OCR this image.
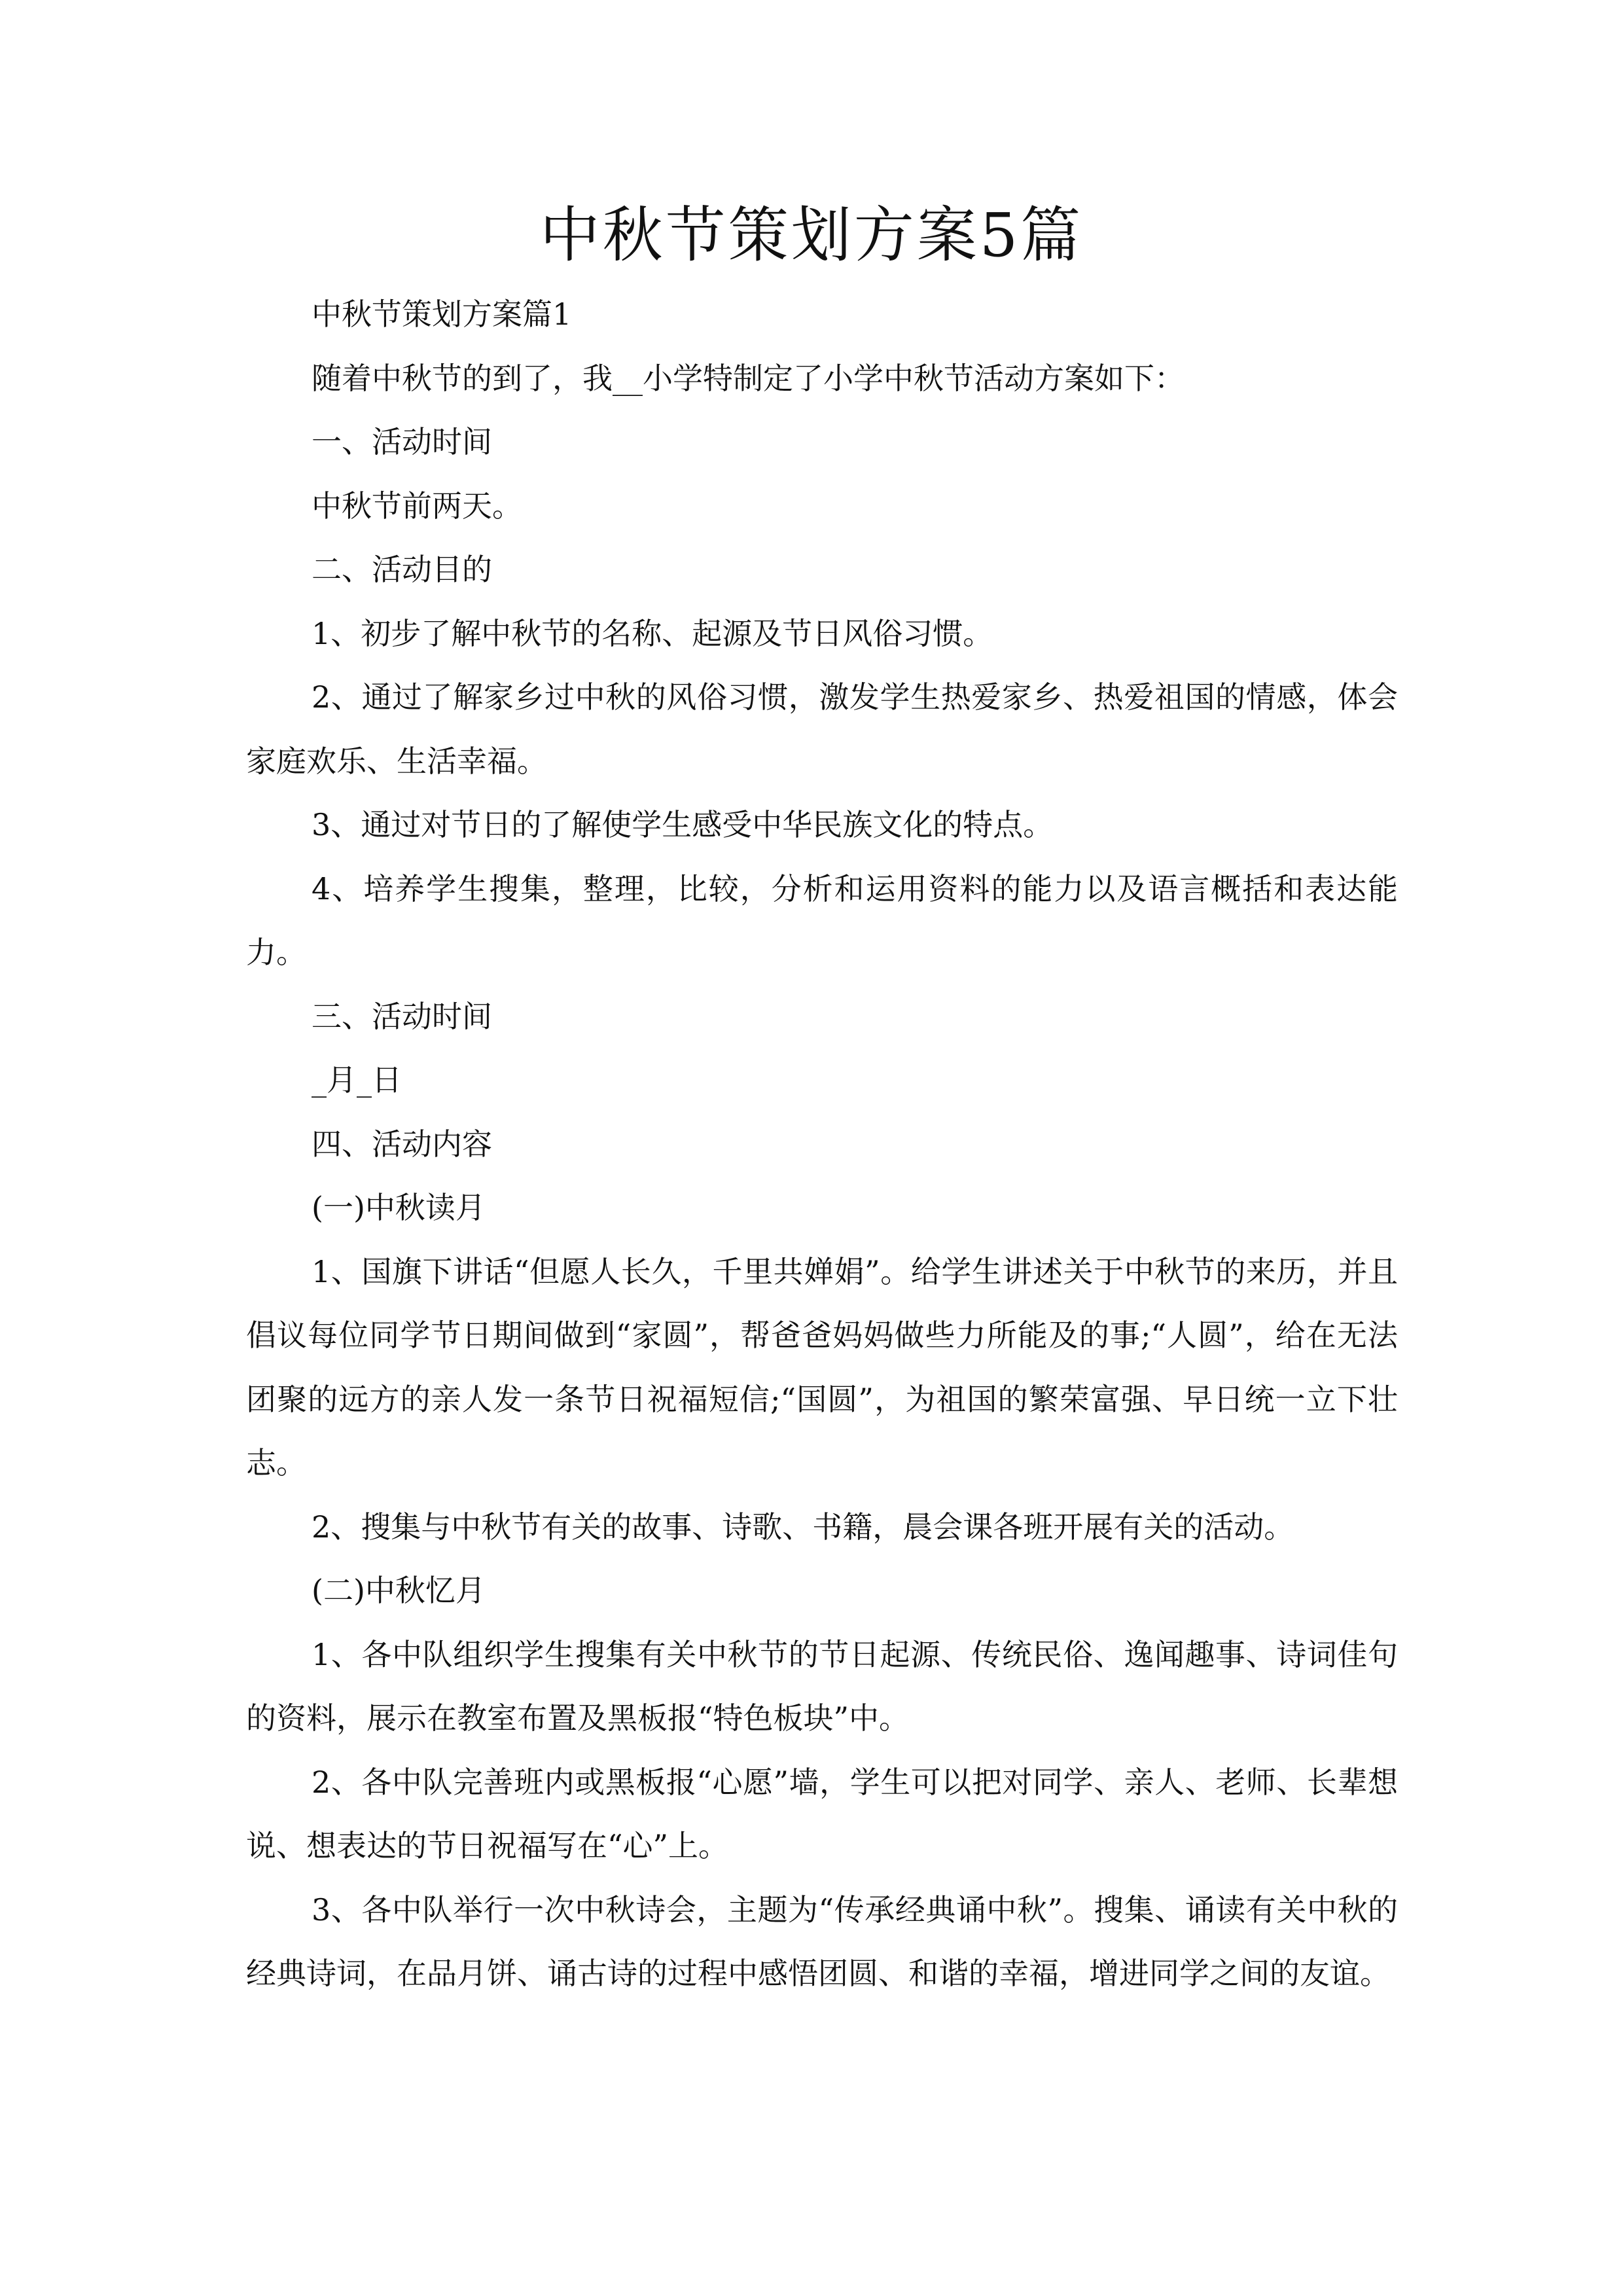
中秋节策划方案5篇

中秋节策划方案篇1

随着中秋节的到了，我__小学特制定了小学中秋节活动方案如下：

一、活动时间

中秋节前两天。

二、活动目的

1、初步了解中秋节的名称、起源及节日风俗习惯。

2、通过了解家乡过中秋的风俗习惯，激发学生热爱家乡、热爱祖国的情感，体会家庭欢乐、生活幸福。

3、通过对节日的了解使学生感受中华民族文化的特点。

4、培养学生搜集，整理，比较，分析和运用资料的能力以及语言概括和表达能力。

三、活动时间

_月_日

四、活动内容

(一)中秋读月

1、国旗下讲话“但愿人长久，千里共婵娟”。给学生讲述关于中秋节的来历，并且倡议每位同学节日期间做到“家圆”，帮爸爸妈妈做些力所能及的事;“人圆”，给在无法团聚的远方的亲人发一条节日祝福短信;“国圆”，为祖国的繁荣富强、早日统一立下壮志。

2、搜集与中秋节有关的故事、诗歌、书籍，晨会课各班开展有关的活动。

(二)中秋忆月

1、各中队组织学生搜集有关中秋节的节日起源、传统民俗、逸闻趣事、诗词佳句的资料，展示在教室布置及黑板报“特色板块”中。

2、各中队完善班内或黑板报“心愿”墙，学生可以把对同学、亲人、老师、长辈想说、想表达的节日祝福写在“心”上。

3、各中队举行一次中秋诗会，主题为“传承经典诵中秋”。搜集、诵读有关中秋的经典诗词，在品月饼、诵古诗的过程中感悟团圆、和谐的幸福，增进同学之间的友谊。
